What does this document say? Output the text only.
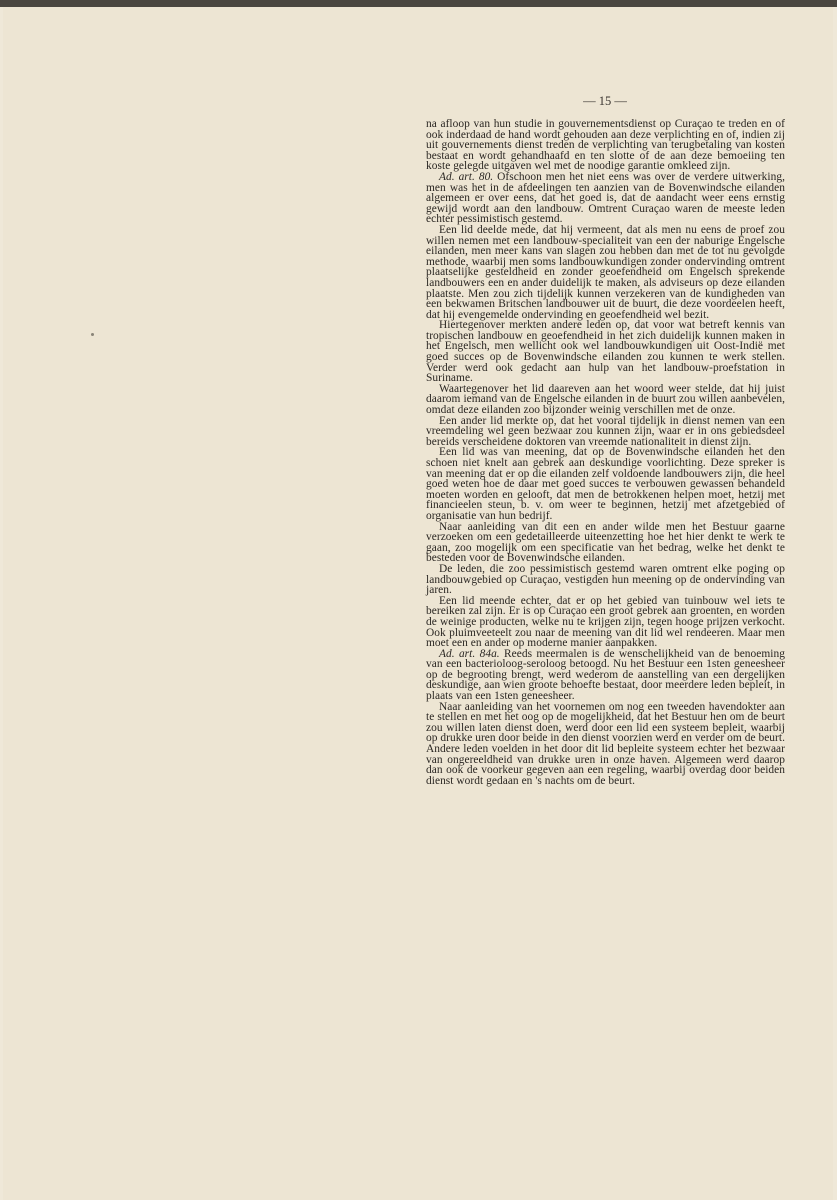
— 15 —

na afloop van hun studie in gouvernementsdienst op Curaçao te treden en of ook inderdaad de hand wordt gehouden aan deze verplichting en of, indien zij uit gouvernements dienst treden de verplichting van terugbetaling van kosten bestaat en wordt gehandhaafd en ten slotte of de aan deze bemoeiing ten koste gelegde uitgaven wel met de noodige garantie omkleed zijn.

Ad. art. 80. Ofschoon men het niet eens was over de verdere uitwerking, men was het in de afdeelingen ten aanzien van de Bovenwindsche eilanden algemeen er over eens, dat het goed is, dat de aandacht weer eens ernstig gewijd wordt aan den landbouw. Omtrent Curaçao waren de meeste leden echter pessimistisch gestemd.

Een lid deelde mede, dat hij vermeent, dat als men nu eens de proef zou willen nemen met een landbouw-specialiteit van een der naburige Engelsche eilanden, men meer kans van slagen zou hebben dan met de tot nu gevolgde methode, waarbij men soms landbouwkundigen zonder ondervinding omtrent plaatselijke gesteldheid en zonder geoefendheid om Engelsch sprekende landbouwers een en ander duidelijk te maken, als adviseurs op deze eilanden plaatste. Men zou zich tijdelijk kunnen verzekeren van de kundigheden van een bekwamen Britschen landbouwer uit de buurt, die deze voordeelen heeft, dat hij evengemelde ondervinding en geoefendheid wel bezit.

Hiertegenover merkten andere leden op, dat voor wat betreft kennis van tropischen landbouw en geoefendheid in het zich duidelijk kunnen maken in het Engelsch, men wellicht ook wel landbouwkundigen uit Oost-Indië met goed succes op de Bovenwindsche eilanden zou kunnen te werk stellen. Verder werd ook gedacht aan hulp van het landbouw-proefstation in Suriname.

Waartegenover het lid daareven aan het woord weer stelde, dat hij juist daarom iemand van de Engelsche eilanden in de buurt zou willen aanbevelen, omdat deze eilanden zoo bijzonder weinig verschillen met de onze.

Een ander lid merkte op, dat het vooral tijdelijk in dienst nemen van een vreemdeling wel geen bezwaar zou kunnen zijn, waar er in ons gebiedsdeel bereids verscheidene doktoren van vreemde nationaliteit in dienst zijn.

Een lid was van meening, dat op de Bovenwindsche eilanden het den schoen niet knelt aan gebrek aan deskundige voorlichting. Deze spreker is van meening dat er op die eilanden zelf voldoende landbouwers zijn, die heel goed weten hoe de daar met goed succes te verbouwen gewassen behandeld moeten worden en gelooft, dat men de betrokkenen helpen moet, hetzij met financieelen steun, b. v. om weer te beginnen, hetzij met afzetgebied of organisatie van hun bedrijf.

Naar aanleiding van dit een en ander wilde men het Bestuur gaarne verzoeken om een gedetailleerde uiteenzetting hoe het hier denkt te werk te gaan, zoo mogelijk om een specificatie van het bedrag, welke het denkt te besteden voor de Bovenwindsche eilanden.

De leden, die zoo pessimistisch gestemd waren omtrent elke poging op landbouwgebied op Curaçao, vestigden hun meening op de ondervinding van jaren.

Een lid meende echter, dat er op het gebied van tuinbouw wel iets te bereiken zal zijn. Er is op Curaçao een groot gebrek aan groenten, en worden de weinige producten, welke nu te krijgen zijn, tegen hooge prijzen verkocht. Ook pluimveeteelt zou naar de meening van dit lid wel rendeeren. Maar men moet een en ander op moderne manier aanpakken.

Ad. art. 84a. Reeds meermalen is de wenschelijkheid van de benoeming van een bacterioloog-seroloog betoogd. Nu het Bestuur een 1sten geneesheer op de begrooting brengt, werd wederom de aanstelling van een dergelijken deskundige, aan wien groote behoefte bestaat, door meerdere leden bepleit, in plaats van een 1sten geneesheer.

Naar aanleiding van het voornemen om nog een tweeden havendokter aan te stellen en met het oog op de mogelijkheid, dat het Bestuur hen om de beurt zou willen laten dienst doen, werd door een lid een systeem bepleit, waarbij op drukke uren door beide in den dienst voorzien werd en verder om de beurt. Andere leden voelden in het door dit lid bepleite systeem echter het bezwaar van ongereeldheid van drukke uren in onze haven. Algemeen werd daarop dan ook de voorkeur gegeven aan een regeling, waarbij overdag door beiden dienst wordt gedaan en 's nachts om de beurt.
